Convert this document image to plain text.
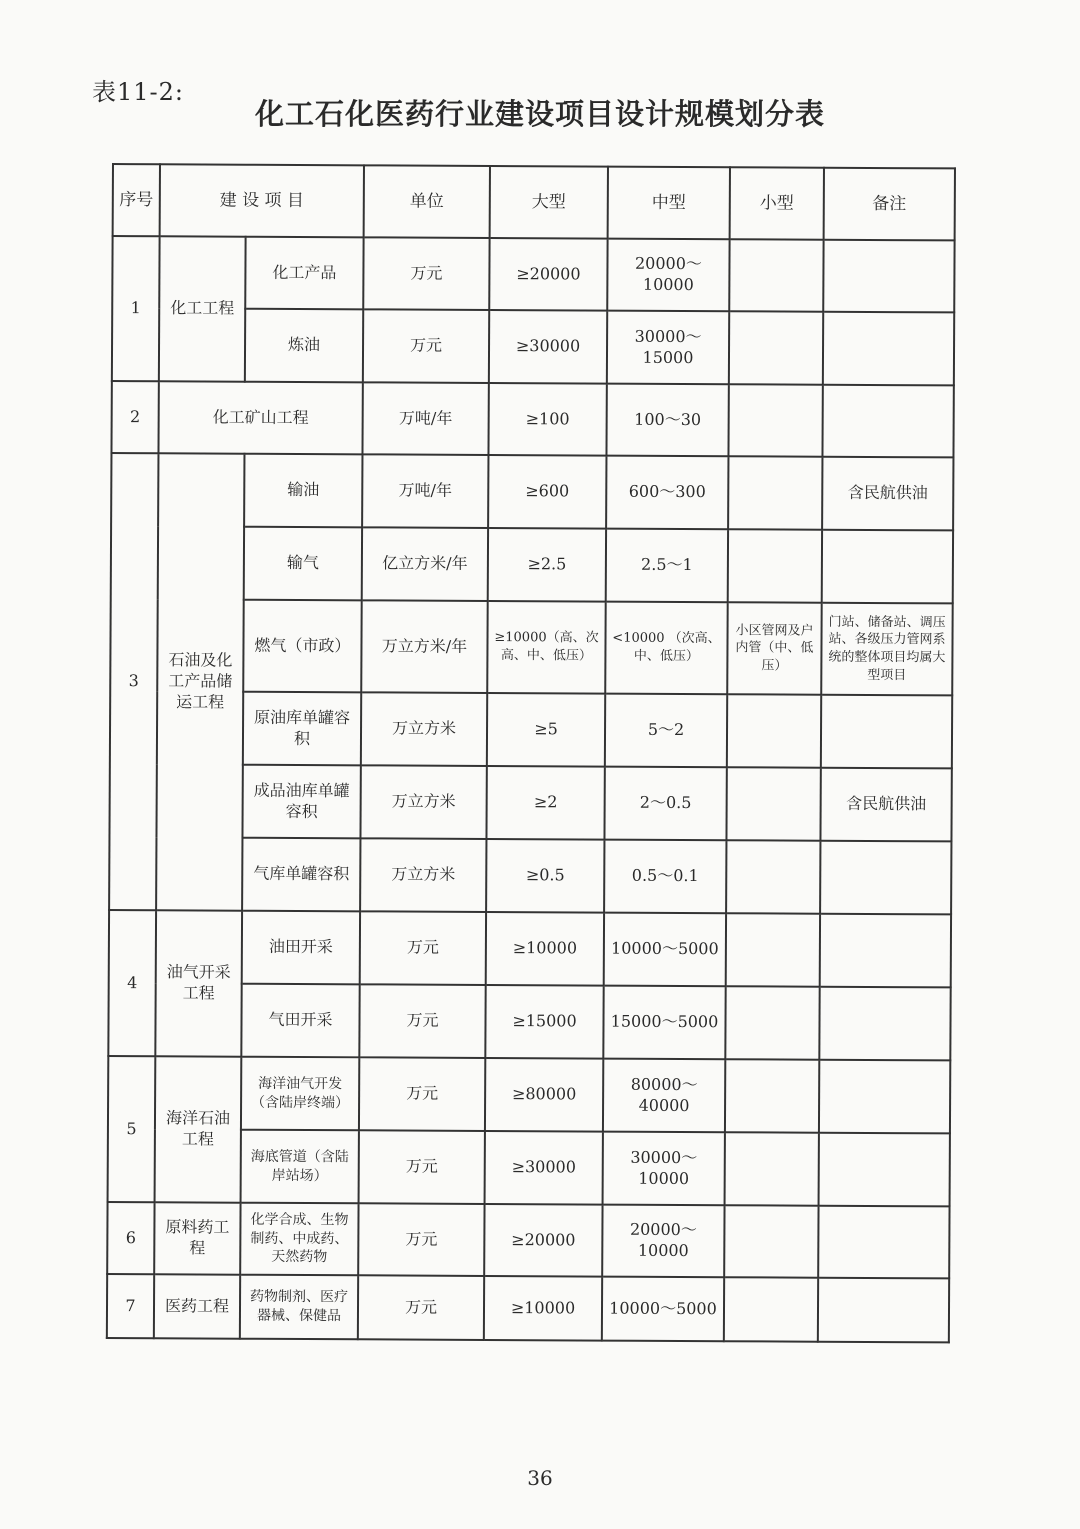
表11-2:
化工石化医药行业建设项目设计规模划分表
序号	建 设 项 目		单位	大型	中型	小型	备注
1	化工工程	化工产品	万元	≥20000	20000～10000		
		炼油	万元	≥30000	30000～15000		
2	化工矿山工程		万吨/年	≥100	100～30		
3	石油及化工产品储运工程	输油	万吨/年	≥600	600～300		含民航供油
		输气	亿立方米/年	≥2.5	2.5～1		
		燃气（市政）	万立方米/年	≥10000（高、次高、中、低压）	<10000 （次高、中、低压）	小区管网及户内管（中、低压）	门站、储备站、调压站、各级压力管网系统的整体项目均属大型项目
		原油库单罐容积	万立方米	≥5	5～2		
		成品油库单罐容积	万立方米	≥2	2～0.5		含民航供油
		气库单罐容积	万立方米	≥0.5	0.5～0.1		
4	油气开采工程	油田开采	万元	≥10000	10000～5000		
		气田开采	万元	≥15000	15000～5000		
5	海洋石油工程	海洋油气开发（含陆岸终端）	万元	≥80000	80000～40000		
		海底管道（含陆岸站场）	万元	≥30000	30000～10000		
6	原料药工程	化学合成、生物制药、中成药、天然药物	万元	≥20000	20000～10000		
7	医药工程	药物制剂、医疗器械、保健品	万元	≥10000	10000～5000		
36
